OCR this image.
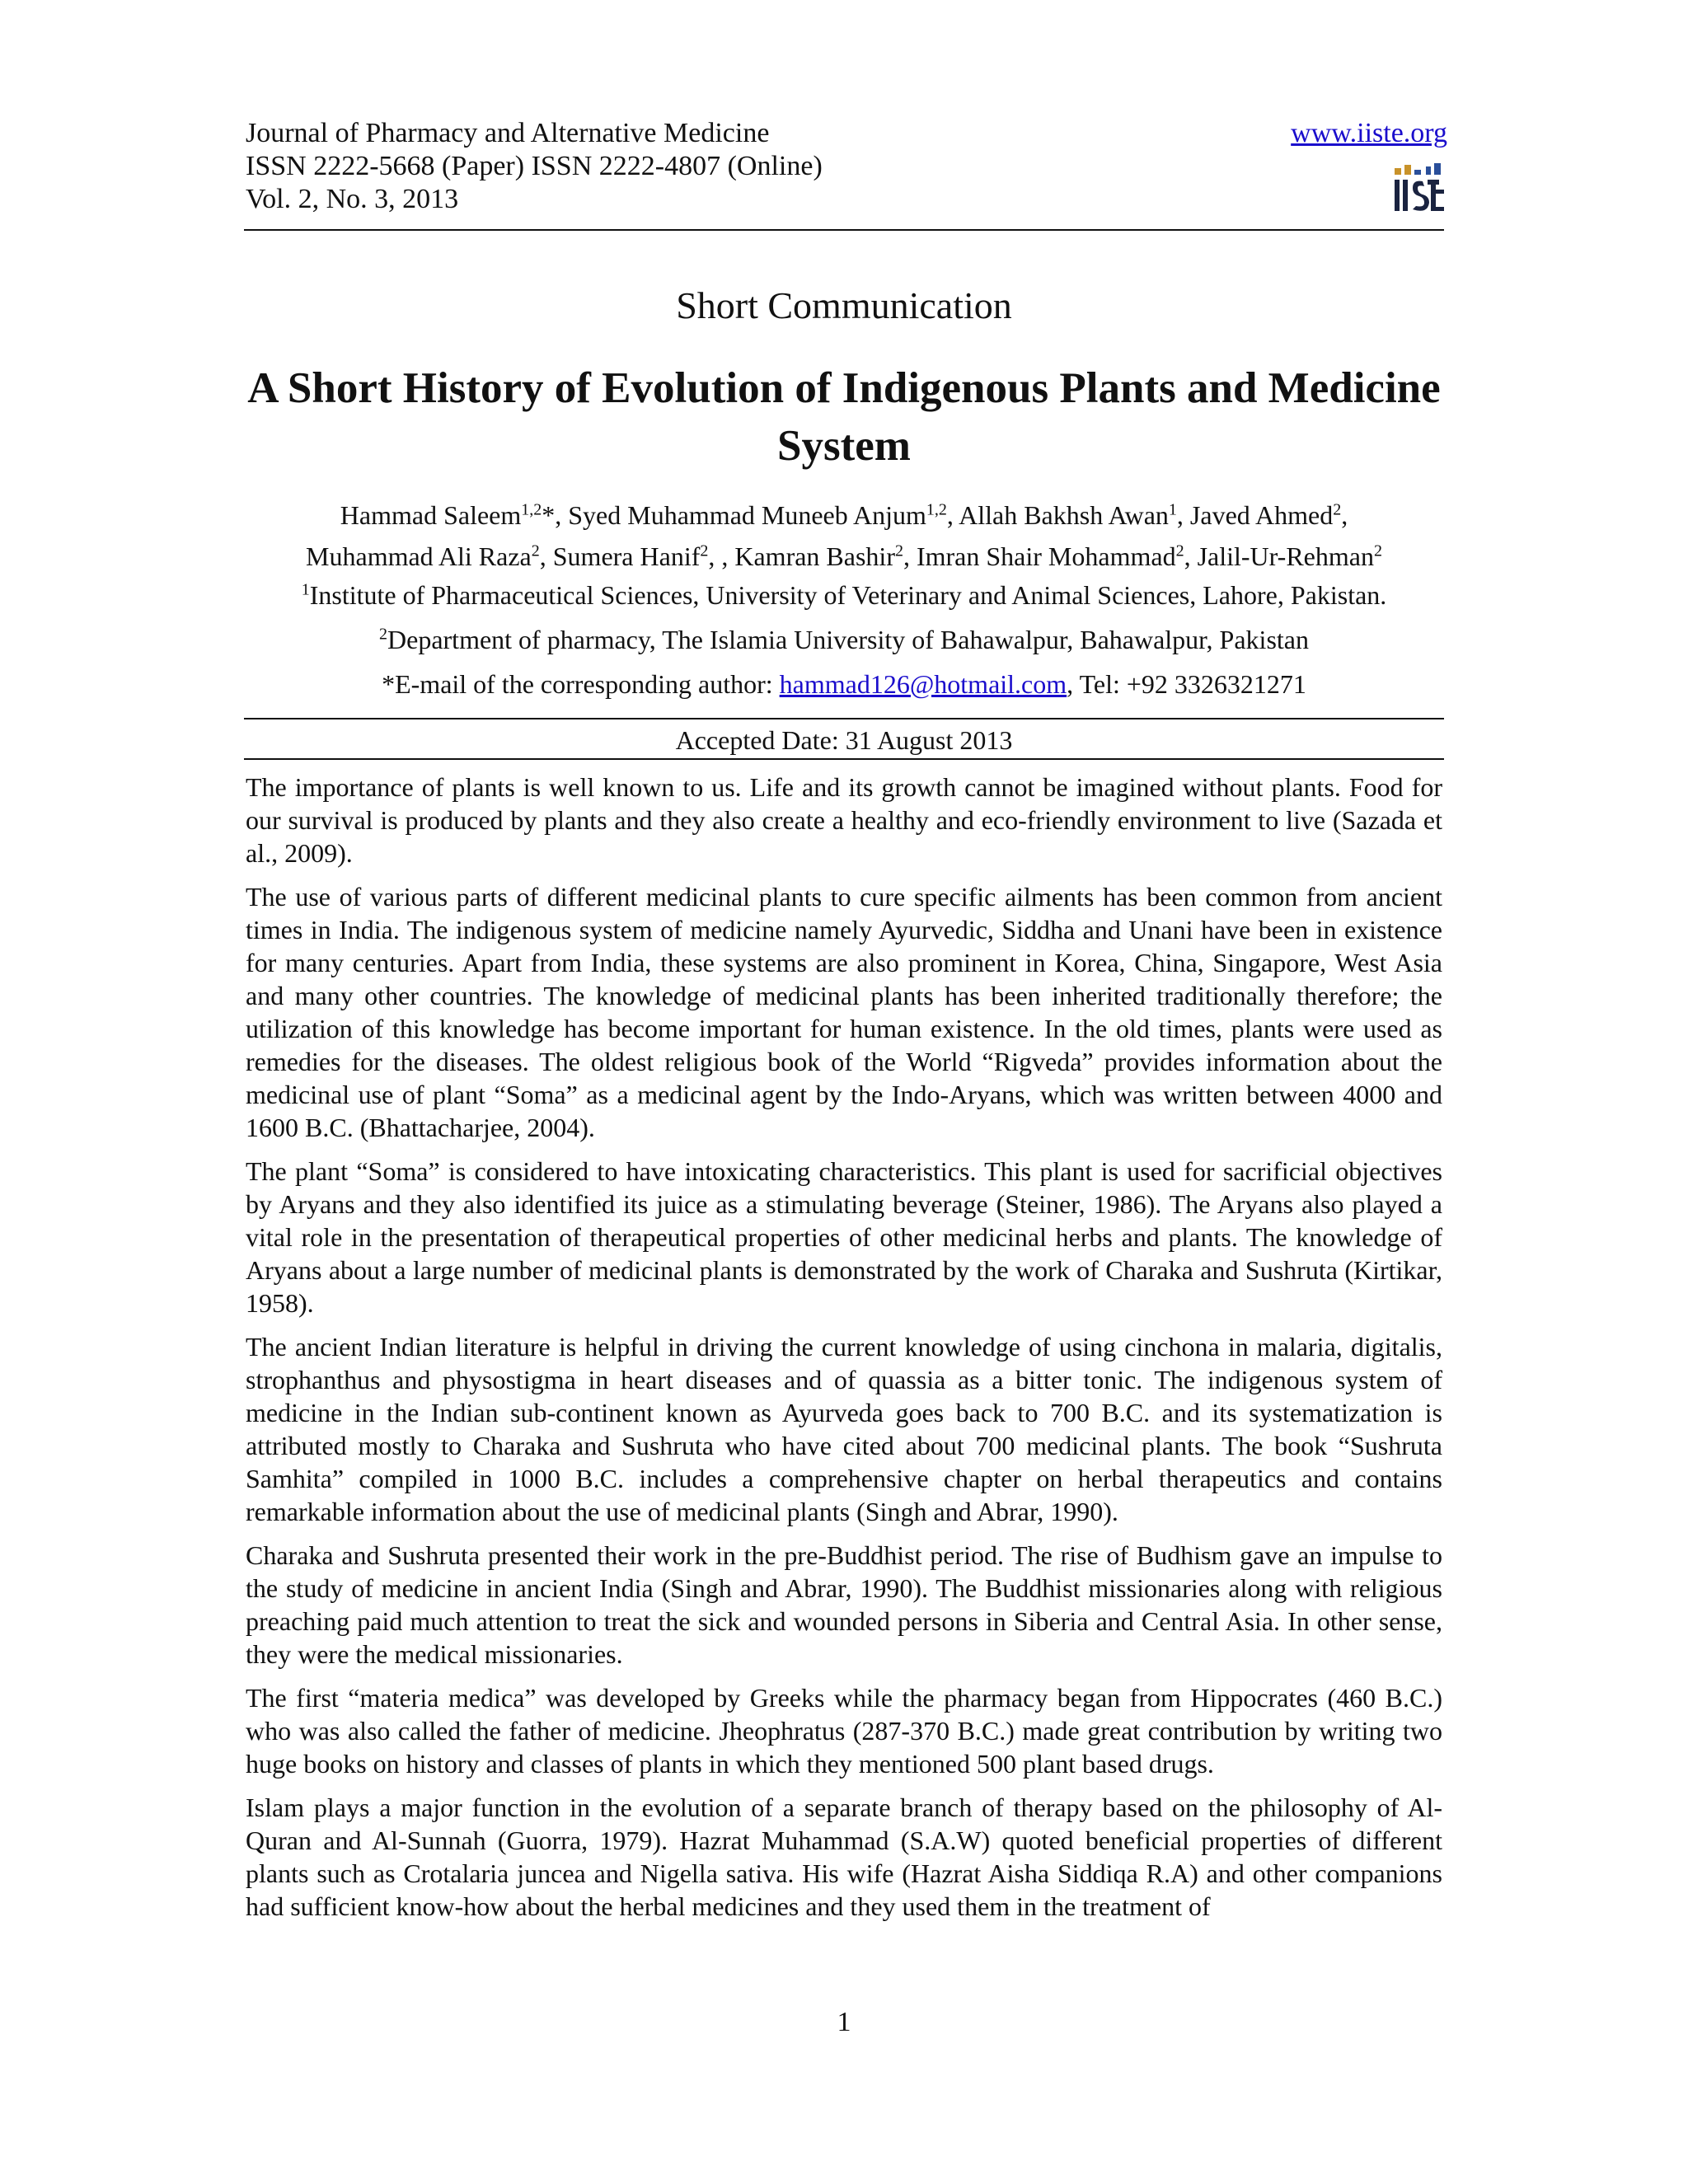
Journal of Pharmacy and Alternative Medicine
ISSN 2222-5668 (Paper) ISSN 2222-4807 (Online)
Vol. 2, No. 3, 2013
www.iiste.org
Short Communication
A Short History of Evolution of Indigenous Plants and Medicine System
Hammad Saleem$^{1,2}$*, Syed Muhammad Muneeb Anjum$^{1,2}$, Allah Bakhsh Awan$^1$, Javed Ahmed$^2$,
Muhammad Ali Raza$^2$, Sumera Hanif$^2$, , Kamran Bashir$^2$, Imran Shair Mohammad$^2$, Jalil-Ur-Rehman$^2$
$^1$Institute of Pharmaceutical Sciences, University of Veterinary and Animal Sciences, Lahore, Pakistan.
$^2$Department of pharmacy, The Islamia University of Bahawalpur, Bahawalpur, Pakistan
*E-mail of the corresponding author: hammad126@hotmail.com, Tel: +92 3326321271
Accepted Date: 31 August 2013

The importance of plants is well known to us. Life and its growth cannot be imagined without plants. Food for our survival is produced by plants and they also create a healthy and eco-friendly environment to live (Sazada et al., 2009).

The use of various parts of different medicinal plants to cure specific ailments has been common from ancient times in India. The indigenous system of medicine namely Ayurvedic, Siddha and Unani have been in existence for many centuries. Apart from India, these systems are also prominent in Korea, China, Singapore, West Asia and many other countries. The knowledge of medicinal plants has been inherited traditionally therefore; the utilization of this knowledge has become important for human existence. In the old times, plants were used as remedies for the diseases. The oldest religious book of the World “Rigveda” provides information about the medicinal use of plant “Soma” as a medicinal agent by the Indo-Aryans, which was written between 4000 and 1600 B.C. (Bhattacharjee, 2004).

The plant “Soma” is considered to have intoxicating characteristics. This plant is used for sacrificial objectives by Aryans and they also identified its juice as a stimulating beverage (Steiner, 1986). The Aryans also played a vital role in the presentation of therapeutical properties of other medicinal herbs and plants. The knowledge of Aryans about a large number of medicinal plants is demonstrated by the work of Charaka and Sushruta (Kirtikar, 1958).

The ancient Indian literature is helpful in driving the current knowledge of using cinchona in malaria, digitalis, strophanthus and physostigma in heart diseases and of quassia as a bitter tonic. The indigenous system of medicine in the Indian sub-continent known as Ayurveda goes back to 700 B.C. and its systematization is attributed mostly to Charaka and Sushruta who have cited about 700 medicinal plants. The book “Sushruta Samhita” compiled in 1000 B.C. includes a comprehensive chapter on herbal therapeutics and contains remarkable information about the use of medicinal plants (Singh and Abrar, 1990).

Charaka and Sushruta presented their work in the pre-Buddhist period. The rise of Budhism gave an impulse to the study of medicine in ancient India (Singh and Abrar, 1990). The Buddhist missionaries along with religious preaching paid much attention to treat the sick and wounded persons in Siberia and Central Asia. In other sense, they were the medical missionaries.

The first “materia medica” was developed by Greeks while the pharmacy began from Hippocrates (460 B.C.) who was also called the father of medicine. Jheophratus (287-370 B.C.) made great contribution by writing two huge books on history and classes of plants in which they mentioned 500 plant based drugs.

Islam plays a major function in the evolution of a separate branch of therapy based on the philosophy of Al-Quran and Al-Sunnah (Guorra, 1979). Hazrat Muhammad (S.A.W) quoted beneficial properties of different plants such as Crotalaria juncea and Nigella sativa. His wife (Hazrat Aisha Siddiqa R.A) and other companions had sufficient know-how about the herbal medicines and they used them in the treatment of

1
